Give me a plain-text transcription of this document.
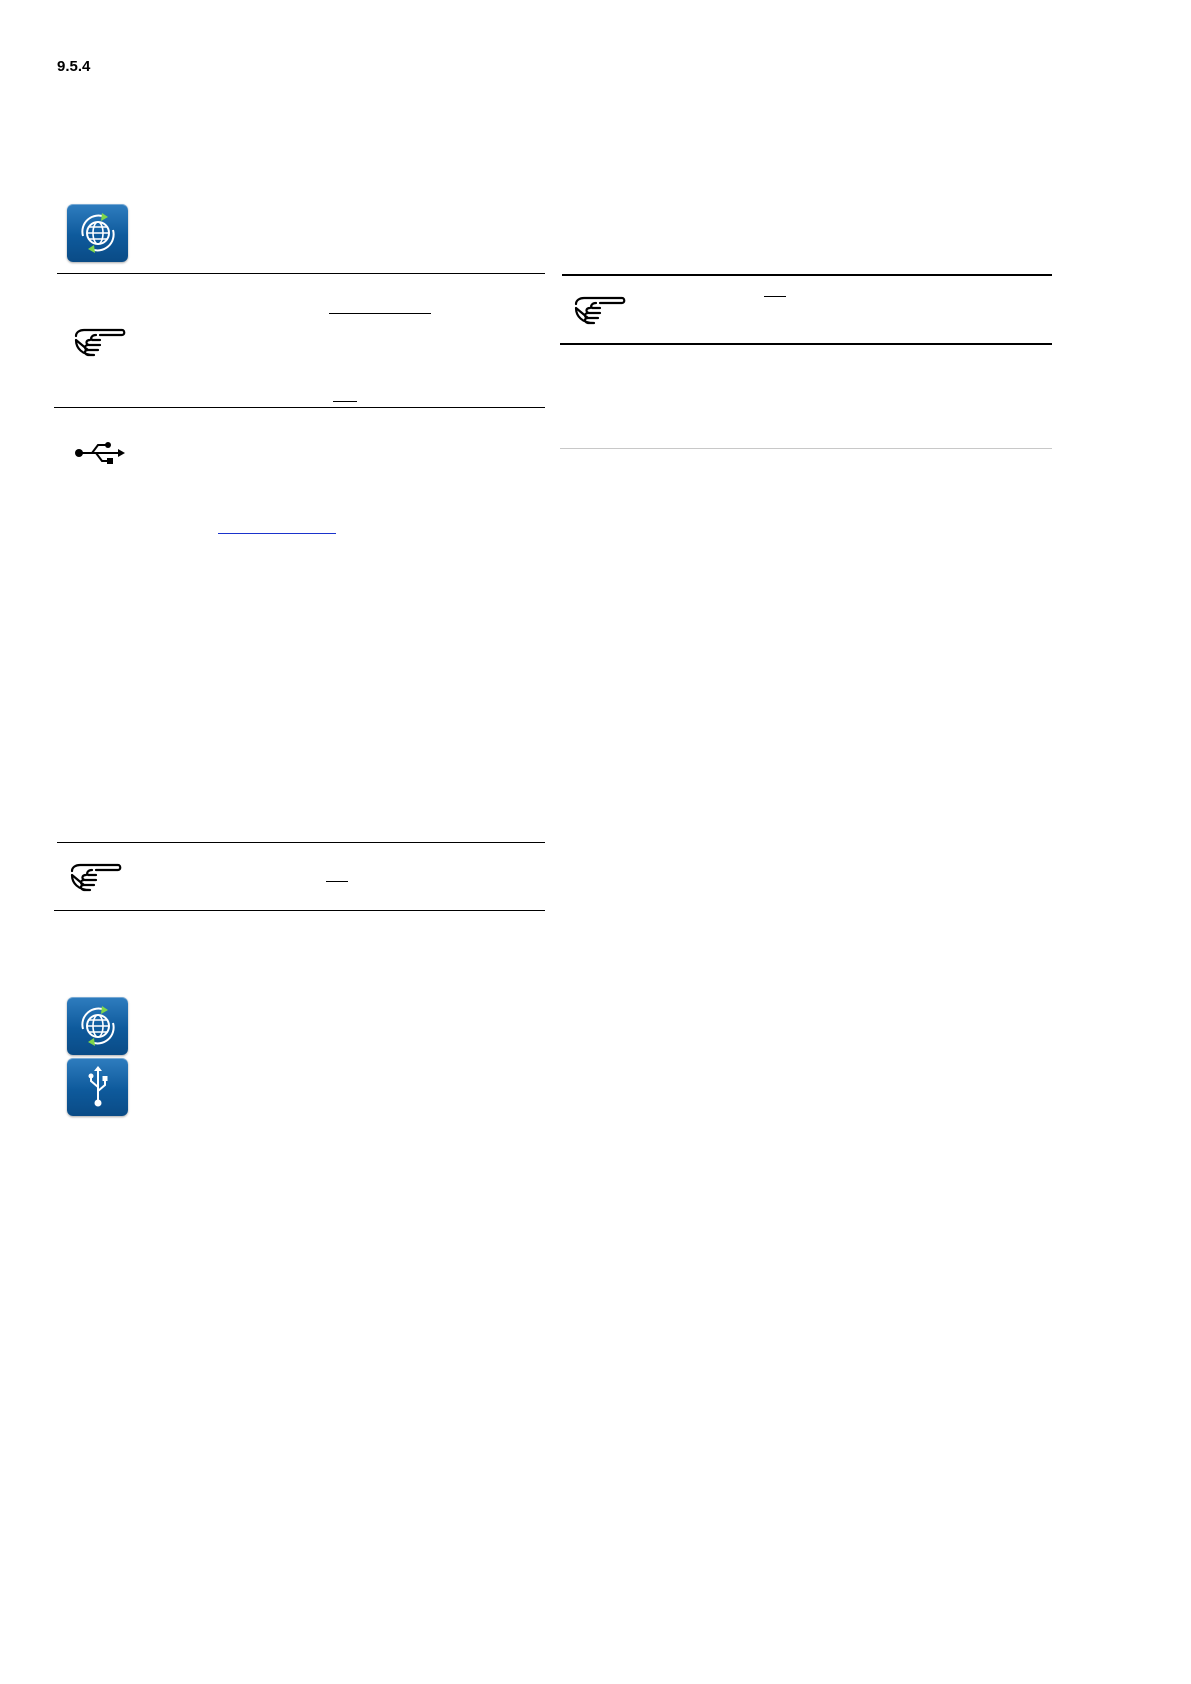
9.5.4
